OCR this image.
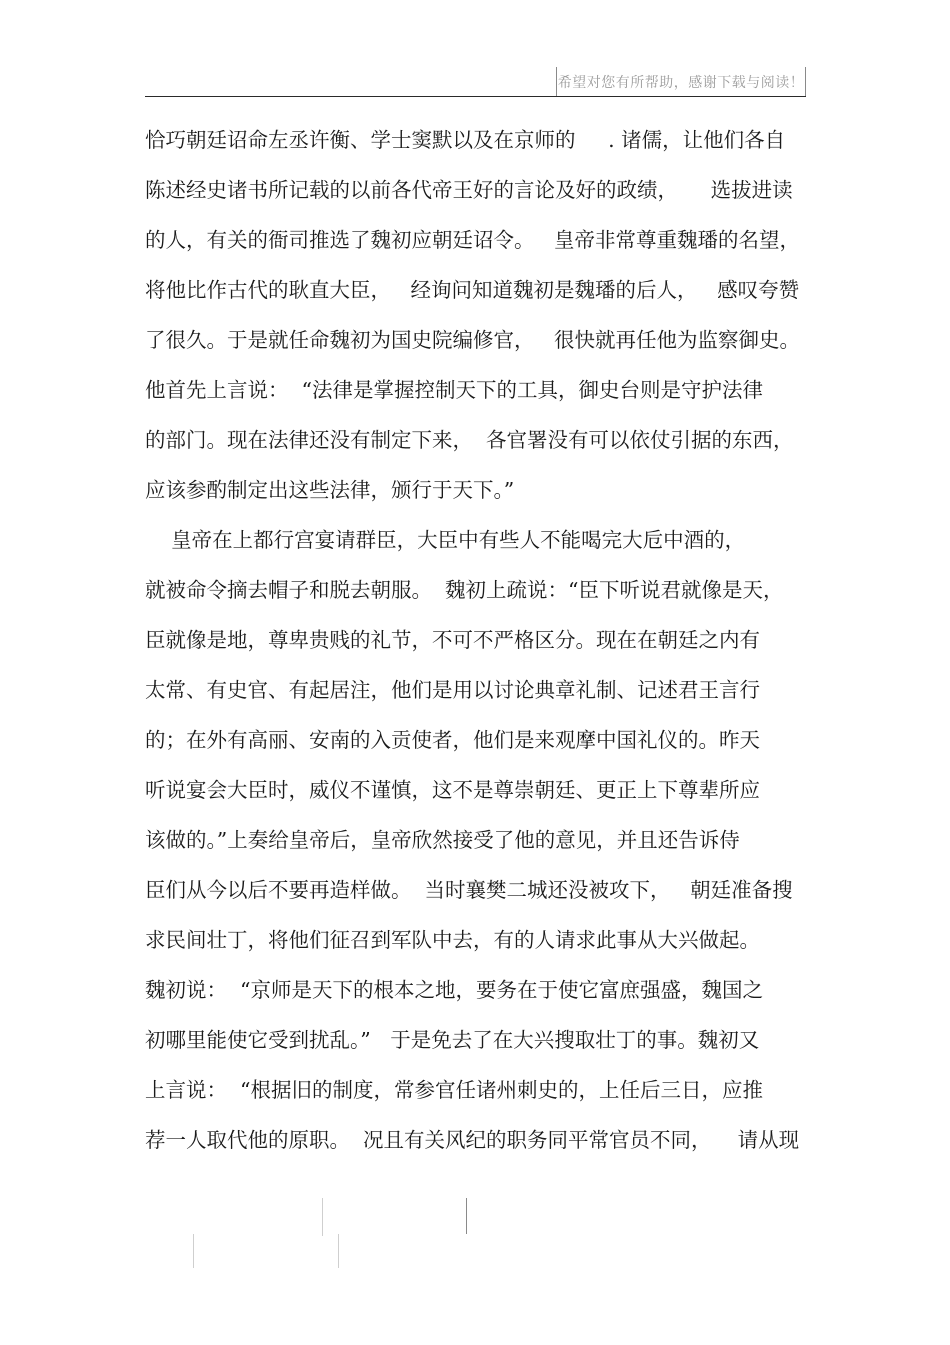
希望对您有所帮助，感谢下载与阅读！
恰巧朝廷诏命左丞许衡、学士窦默以及在京师的     . 诸儒，让他们各自
陈述经史诸书所记载的以前各代帝王好的言论及好的政绩，     选拔进读
的人，有关的衙司推选了魏初应朝廷诏令。   皇帝非常尊重魏璠的名望，
将他比作古代的耿直大臣，   经询问知道魏初是魏璠的后人，   感叹夸赞
了很久。于是就任命魏初为国史院编修官，   很快就再任他为监察御史。
他首先上言说：  “法律是掌握控制天下的工具，御史台则是守护法律
的部门。现在法律还没有制定下来，  各官署没有可以依仗引据的东西，
应该参酌制定出这些法律，颁行于天下。”
皇帝在上都行宫宴请群臣，大臣中有些人不能喝完大卮中酒的，
就被命令摘去帽子和脱去朝服。  魏初上疏说：“臣下听说君就像是天，
臣就像是地，尊卑贵贱的礼节，不可不严格区分。现在在朝廷之内有
太常、有史官、有起居注，他们是用以讨论典章礼制、记述君王言行
的；在外有高丽、安南的入贡使者，他们是来观摩中国礼仪的。昨天
听说宴会大臣时，威仪不谨慎，这不是尊崇朝廷、更正上下尊辈所应
该做的。”上奏给皇帝后，皇帝欣然接受了他的意见，并且还告诉侍
臣们从今以后不要再造样做。  当时襄樊二城还没被攻下，   朝廷准备搜
求民间壮丁，将他们征召到军队中去，有的人请求此事从大兴做起。
魏初说：  “京师是天下的根本之地，要务在于使它富庶强盛，魏国之
初哪里能使它受到扰乱。”   于是免去了在大兴搜取壮丁的事。魏初又
上言说：  “根据旧的制度，常参官任诸州刺史的，上任后三日，应推
荐一人取代他的原职。  况且有关风纪的职务同平常官员不同，    请从现
